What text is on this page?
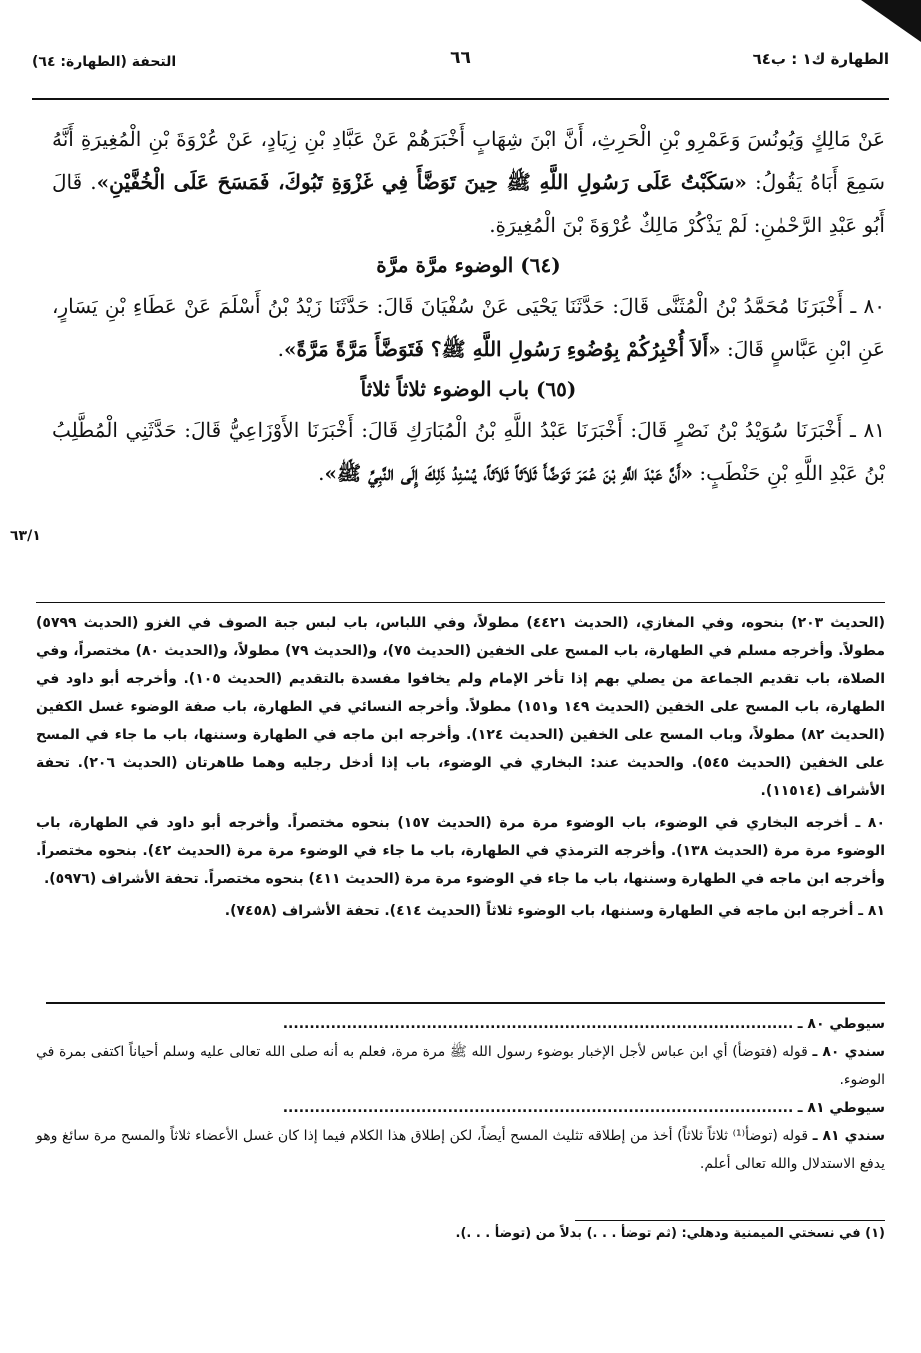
الطهارة ك١ : ب٦٤
٦٦
التحفة (الطهارة: ٦٤)
٦٣/١

عَنْ مَالِكٍ وَيُونُسَ وَعَمْرِو بْنِ الْحَرِثِ، أَنَّ ابْنَ شِهَابٍ أَخْبَرَهُمْ عَنْ عَبَّادِ بْنِ زِيَادٍ، عَنْ عُرْوَةَ بْنِ الْمُغِيرَةِ أَنَّهُ سَمِعَ أَبَاهُ يَقُولُ: «سَكَبْتُ عَلَى رَسُولِ اللَّهِ ﷺ حِينَ تَوَضَّأَ فِي غَزْوَةِ تَبُوكَ، فَمَسَحَ عَلَى الْخُفَّيْنِ». قَالَ أَبُو عَبْدِ الرَّحْمٰنِ: لَمْ يَذْكُرْ مَالِكٌ عُرْوَةَ بْنَ الْمُغِيرَةِ.

(٦٤) الوضوء مرَّة مرَّة

٨٠ ـ أَخْبَرَنَا مُحَمَّدُ بْنُ الْمُثَنَّى قَالَ: حَدَّثَنَا يَحْيَى عَنْ سُفْيَانَ قَالَ: حَدَّثَنَا زَيْدُ بْنُ أَسْلَمَ عَنْ عَطَاءِ بْنِ يَسَارٍ، عَنِ ابْنِ عَبَّاسٍ قَالَ: «أَلاَ أُخْبِرُكُمْ بِوُضُوءِ رَسُولِ اللَّهِ ﷺ؟ فَتَوَضَّأَ مَرَّةً مَرَّةً».

(٦٥) باب الوضوء ثلاثاً ثلاثاً

٨١ ـ أَخْبَرَنَا سُوَيْدُ بْنُ نَصْرٍ قَالَ: أَخْبَرَنَا عَبْدُ اللَّهِ بْنُ الْمُبَارَكِ قَالَ: أَخْبَرَنَا الأَوْزَاعِيُّ قَالَ: حَدَّثَنِي الْمُطَّلِبُ بْنُ عَبْدِ اللَّهِ بْنِ حَنْطَبٍ: «أَنَّ عَبْدَ اللَّهِ بْنَ عُمَرَ تَوَضَّأَ ثَلاَثاً ثَلاَثاً، يُسْنِدُ ذَلِكَ إِلَى النَّبِيِّ ﷺ».

(الحديث ٢٠٣) بنحوه، وفي المغازي، (الحديث ٤٤٢١) مطولاً، وفي اللباس، باب لبس جبة الصوف في الغزو (الحديث ٥٧٩٩) مطولاً. وأخرجه مسلم في الطهارة، باب المسح على الخفين (الحديث ٧٥)، و(الحديث ٧٩) مطولاً، و(الحديث ٨٠) مختصراً، وفي الصلاة، باب تقديم الجماعة من يصلي بهم إذا تأخر الإمام ولم يخافوا مفسدة بالتقديم (الحديث ١٠٥). وأخرجه أبو داود في الطهارة، باب المسح على الخفين (الحديث ١٤٩ و١٥١) مطولاً. وأخرجه النسائي في الطهارة، باب صفة الوضوء غسل الكفين (الحديث ٨٢) مطولاً، وباب المسح على الخفين (الحديث ١٢٤). وأخرجه ابن ماجه في الطهارة وسننها، باب ما جاء في المسح على الخفين (الحديث ٥٤٥). والحديث عند: البخاري في الوضوء، باب إذا أدخل رجليه وهما طاهرتان (الحديث ٢٠٦). تحفة الأشراف (١١٥١٤).

٨٠ ـ أخرجه البخاري في الوضوء، باب الوضوء مرة مرة (الحديث ١٥٧) بنحوه مختصراً. وأخرجه أبو داود في الطهارة، باب الوضوء مرة مرة (الحديث ١٣٨). وأخرجه الترمذي في الطهارة، باب ما جاء في الوضوء مرة مرة (الحديث ٤٢). بنحوه مختصراً. وأخرجه ابن ماجه في الطهارة وسننها، باب ما جاء في الوضوء مرة مرة (الحديث ٤١١) بنحوه مختصراً. تحفة الأشراف (٥٩٧٦).

٨١ ـ أخرجه ابن ماجه في الطهارة وسننها، باب الوضوء ثلاثاً (الحديث ٤١٤). تحفة الأشراف (٧٤٥٨).

سيوطي ٨٠ ـ ................................................................................................

سندي ٨٠ ـ قوله (فتوضأ) أي ابن عباس لأجل الإخبار بوضوء رسول الله ﷺ مرة مرة، فعلم به أنه صلى الله تعالى عليه وسلم أحياناً اكتفى بمرة في الوضوء.

سيوطي ٨١ ـ ................................................................................................

سندي ٨١ ـ قوله (توضأ⁽¹⁾ ثلاثاً ثلاثاً) أخذ من إطلاقه تثليث المسح أيضاً، لكن إطلاق هذا الكلام فيما إذا كان غسل الأعضاء ثلاثاً والمسح مرة سائغ وهو يدفع الاستدلال والله تعالى أعلم.

(١) في نسختي الميمنية ودهلي: (ثم توضأ . . .) بدلاً من (توضأ . . .).
